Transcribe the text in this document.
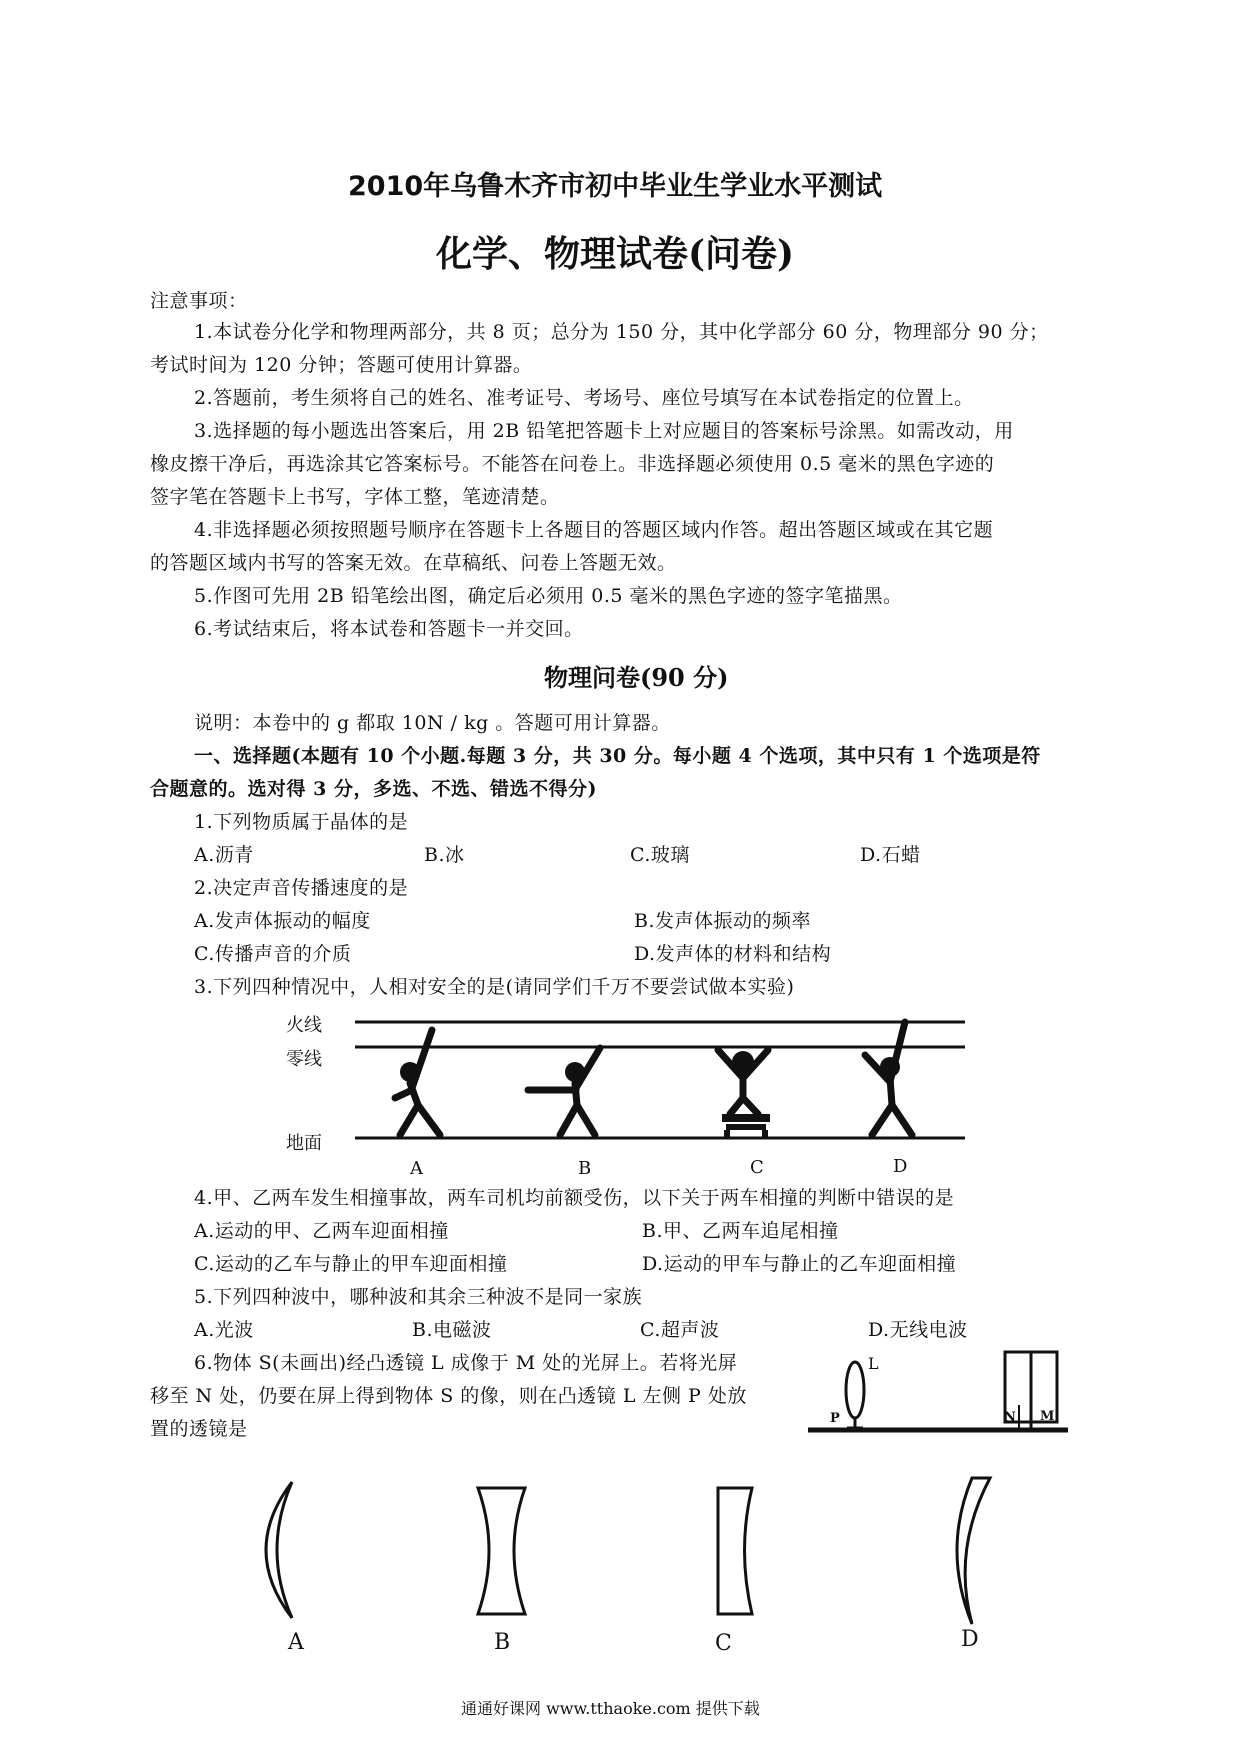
2010年乌鲁木齐市初中毕业生学业水平测试
化学、物理试卷(问卷)
注意事项：
1.本试卷分化学和物理两部分，共 8 页；总分为 150 分，其中化学部分 60 分，物理部分 90 分；
考试时间为 120 分钟；答题可使用计算器。
2.答题前，考生须将自己的姓名、准考证号、考场号、座位号填写在本试卷指定的位置上。
3.选择题的每小题选出答案后，用 2B 铅笔把答题卡上对应题目的答案标号涂黑。如需改动，用
橡皮擦干净后，再选涂其它答案标号。不能答在问卷上。非选择题必须使用 0.5 毫米的黑色字迹的
签字笔在答题卡上书写，字体工整，笔迹清楚。
4.非选择题必须按照题号顺序在答题卡上各题目的答题区域内作答。超出答题区域或在其它题
的答题区域内书写的答案无效。在草稿纸、问卷上答题无效。
5.作图可先用 2B 铅笔绘出图，确定后必须用 0.5 毫米的黑色字迹的签字笔描黑。
6.考试结束后，将本试卷和答题卡一并交回。
物理问卷(90 分)
说明：本卷中的 g 都取 10N / kg 。答题可用计算器。
一、选择题(本题有 10 个小题.每题 3 分，共 30 分。每小题 4 个选项，其中只有 1 个选项是符
合题意的。选对得 3 分，多选、不选、错选不得分)
1.下列物质属于晶体的是
A.沥青	B.冰	C.玻璃	D.石蜡
2.决定声音传播速度的是
A.发声体振动的幅度	B.发声体振动的频率
C.传播声音的介质	D.发声体的材料和结构
3.下列四种情况中，人相对安全的是(请同学们千万不要尝试做本实验)
火线
零线
地面
A	B	C	D
4.甲、乙两车发生相撞事故，两车司机均前额受伤，以下关于两车相撞的判断中错误的是
A.运动的甲、乙两车迎面相撞	B.甲、乙两车追尾相撞
C.运动的乙车与静止的甲车迎面相撞	D.运动的甲车与静止的乙车迎面相撞
5.下列四种波中，哪种波和其余三种波不是同一家族
A.光波	B.电磁波	C.超声波	D.无线电波
6.物体 S(未画出)经凸透镜 L 成像于 M 处的光屏上。若将光屏
移至 N 处，仍要在屏上得到物体 S 的像，则在凸透镜 L 左侧 P 处放
置的透镜是
L
P	N M
A	B	C	D
通通好课网 www.tthaoke.com 提供下载
